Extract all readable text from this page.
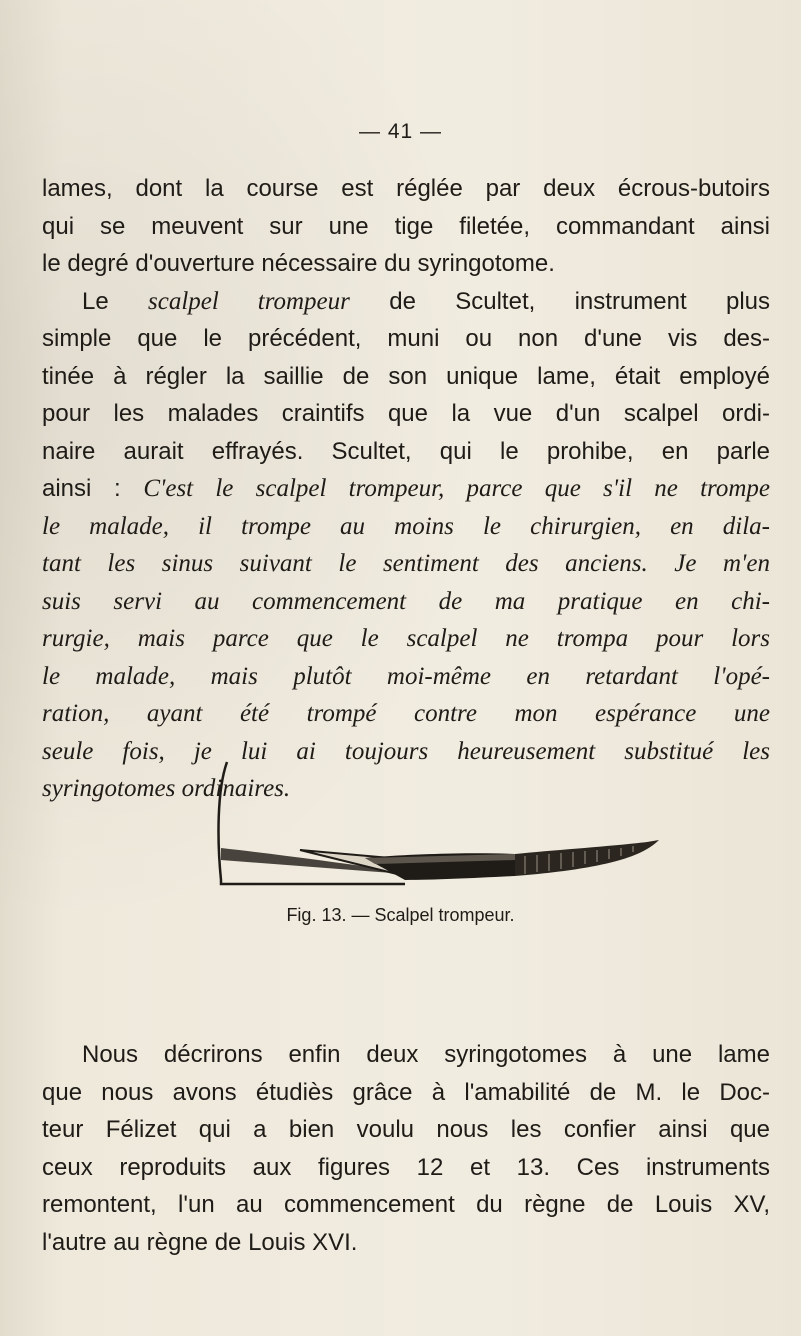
— 41 —
lames, dont la course est réglée par deux écrous-butoirs
qui se meuvent sur une tige filetée, commandant ainsi
le degré d'ouverture nécessaire du syringotome.
Le scalpel trompeur de Scultet, instrument plus
simple que le précédent, muni ou non d'une vis des-
tinée à régler la saillie de son unique lame, était employé
pour les malades craintifs que la vue d'un scalpel ordi-
naire aurait effrayés. Scultet, qui le prohibe, en parle
ainsi : C'est le scalpel trompeur, parce que s'il ne trompe
le malade, il trompe au moins le chirurgien, en dila-
tant les sinus suivant le sentiment des anciens. Je m'en
suis servi au commencement de ma pratique en chi-
rurgie, mais parce que le scalpel ne trompa pour lors
le malade, mais plutôt moi-même en retardant l'opé-
ration, ayant été trompé contre mon espérance une
seule fois, je lui ai toujours heureusement substitué les
syringotomes ordinaires.
Fig. 13. — Scalpel trompeur.
Nous décrirons enfin deux syringotomes à une lame
que nous avons étudiès grâce à l'amabilité de M. le Doc-
teur Félizet qui a bien voulu nous les confier ainsi que
ceux reproduits aux figures 12 et 13. Ces instruments
remontent, l'un au commencement du règne de Louis XV,
l'autre au règne de Louis XVI.
